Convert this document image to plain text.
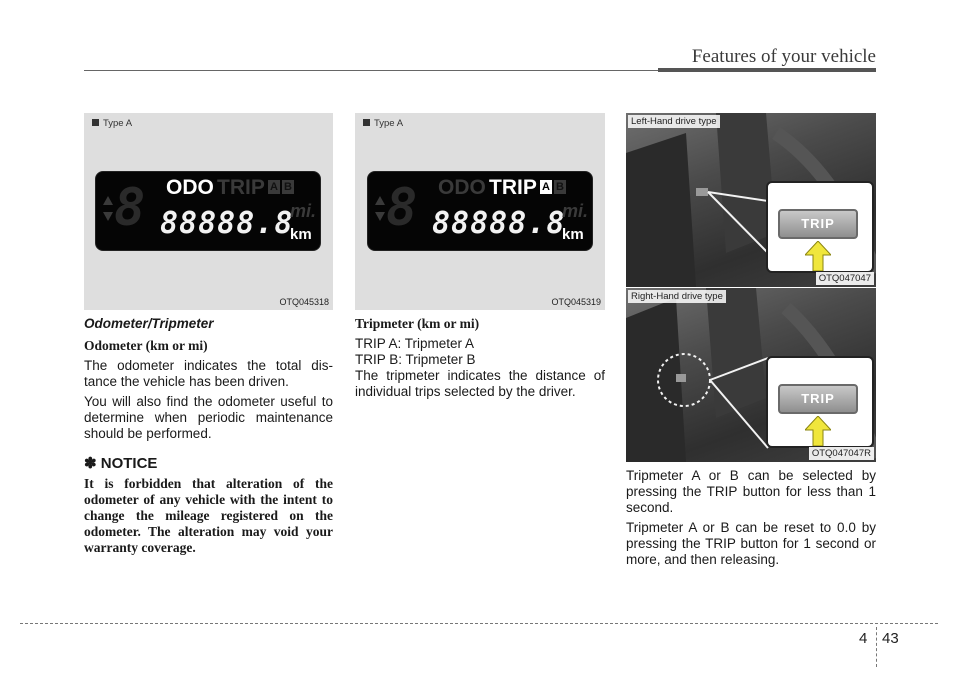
Features of your vehicle
Type A
8 ODO TRIP A B
88888.8
mi.
km
OTQ045318
Type A
8 ODO TRIP A B
88888.8
mi.
km
OTQ045319
Left-Hand drive type
TRIP
OTQ047047
Right-Hand drive type
TRIP
OTQ047047R
Odometer/Tripmeter
Odometer (km or mi)
The odometer indicates the total dis-tance the vehicle has been driven.
You will also find the odometer useful to determine when periodic maintenance should be performed.
✽ NOTICE
It is forbidden that alteration of the odometer of any vehicle with the intent to change the mileage registered on the odometer. The alteration may void your warranty coverage.
Tripmeter (km or mi)
TRIP A: Tripmeter A
TRIP B: Tripmeter B
The tripmeter indicates the distance of individual trips selected by the driver.
Tripmeter A or B can be selected by pressing the TRIP button for less than 1 second.
Tripmeter A or B can be reset to 0.0 by pressing the TRIP button for 1 second or more, and then releasing.
4 43
